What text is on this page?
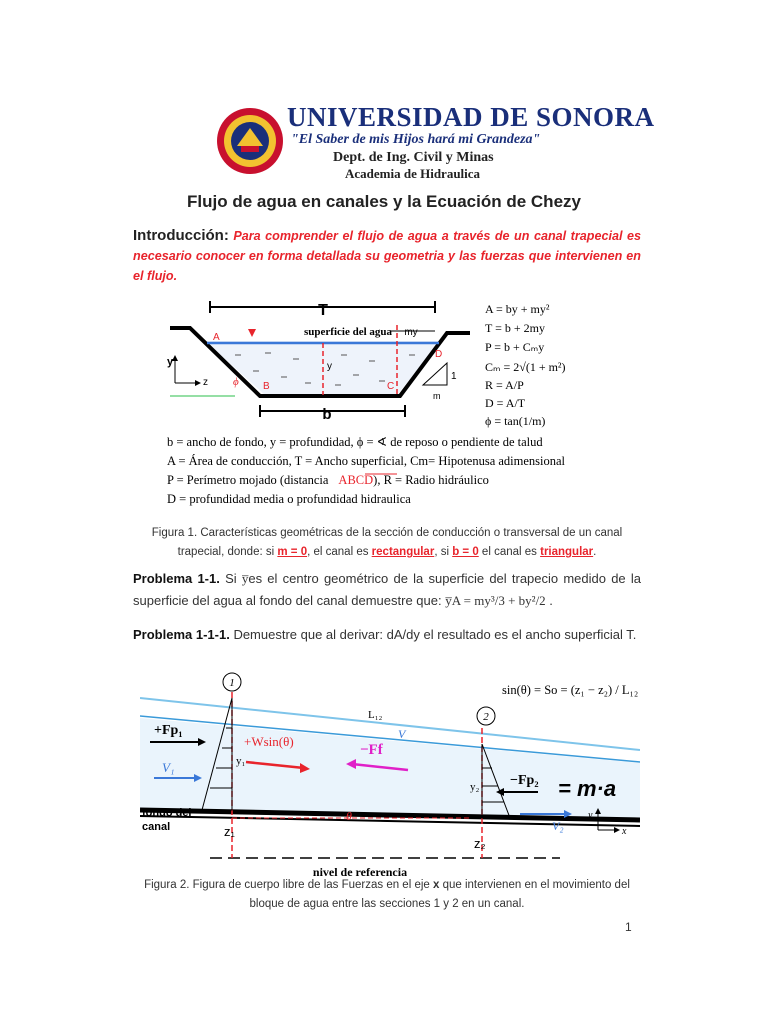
UNIVERSIDAD DE SONORA
"El Saber de mis Hijos hará mi Grandeza"
Dept. de Ing. Civil y Minas
Academia de Hidraulica
Flujo de agua en canales y la Ecuación de Chezy
Introducción: Para comprender el flujo de agua a través de un canal trapecial es necesario conocer en forma detallada su geometria y las fuerzas que intervienen en el flujo.
T
superficie del agua my
y
A
B	C
D
ϕ
y
z
1
m
b
A = by + my²
T = b + 2my
P = b + Cₘy
Cₘ = 2√(1 + m²)
R = A/P
D = A/T
ϕ = tan(1/m)
b = ancho de fondo, y = profundidad, ϕ = ∢ de reposo o pendiente de talud
A = Área de conducción, T = Ancho superficial, Cm= Hipotenusa adimensional
P = Perímetro mojado (distancia ABCD), R = Radio hidráulico
D = profundidad media o profundidad hidraulica
Figura 1. Características geométricas de la sección de conducción o transversal de un canal trapecial, donde: si m = 0, el canal es rectangular, si b = 0 el canal es triangular.
Problema 1-1. Si y̅es el centro geométrico de la superficie del trapecio medido de la superficie del agua al fondo del canal demuestre que: y̅A = my³/3 + by²/2 .
Problema 1-1-1. Demuestre que al derivar: dA/dy el resultado es el ancho superficial T.
nivel de referencia
1
+Fp₁
V₁	y₁
z₁
fondo del
canal
+Wsin(θ)
−Ff
L₁₂
V
θ
2
y₂ −Fp₂ = m·a
V₂
z₂
y
x
sin(θ) = So = (z₁ − z₂) / L₁₂
Figura 2. Figura de cuerpo libre de las Fuerzas en el eje x que intervienen en el movimiento del bloque de agua entre las secciones 1 y 2 en un canal.
1
